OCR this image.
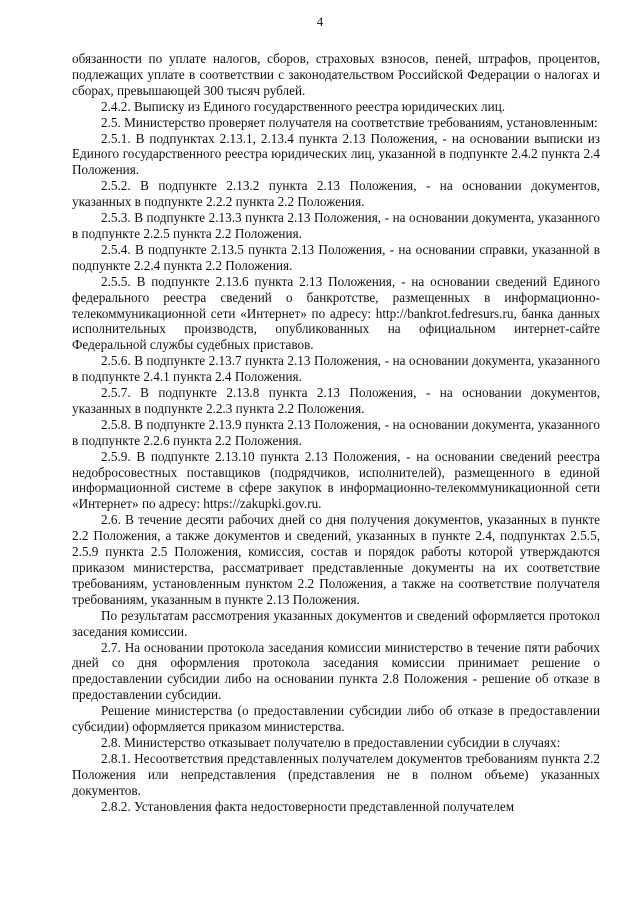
4

обязанности по уплате налогов, сборов, страховых взносов, пеней, штрафов, процентов, подлежащих уплате в соответствии с законодательством Российской Федерации о налогах и сборах, превышающей 300 тысяч рублей.

2.4.2. Выписку из Единого государственного реестра юридических лиц.

2.5. Министерство проверяет получателя на соответствие требованиям, установленным:

2.5.1. В подпунктах 2.13.1, 2.13.4 пункта 2.13 Положения, - на основании выписки из Единого государственного реестра юридических лиц, указанной в подпункте 2.4.2 пункта 2.4 Положения.

2.5.2. В подпункте 2.13.2 пункта 2.13 Положения, - на основании документов, указанных в подпункте 2.2.2 пункта 2.2 Положения.

2.5.3. В подпункте 2.13.3 пункта 2.13 Положения, - на основании документа, указанного в подпункте 2.2.5 пункта 2.2 Положения.

2.5.4. В подпункте 2.13.5 пункта 2.13 Положения, - на основании справки, указанной в подпункте 2.2.4 пункта 2.2 Положения.

2.5.5. В подпункте 2.13.6 пункта 2.13 Положения, - на основании сведений Единого федерального реестра сведений о банкротстве, размещенных в информационно-телекоммуникационной сети «Интернет» по адресу: http://bankrot.fedresurs.ru, банка данных исполнительных производств, опубликованных на официальном интернет-сайте Федеральной службы судебных приставов.

2.5.6. В подпункте 2.13.7 пункта 2.13 Положения, - на основании документа, указанного в подпункте 2.4.1 пункта 2.4 Положения.

2.5.7. В подпункте 2.13.8 пункта 2.13 Положения, - на основании документов, указанных в подпункте 2.2.3 пункта 2.2 Положения.

2.5.8. В подпункте 2.13.9 пункта 2.13 Положения, - на основании документа, указанного в подпункте 2.2.6 пункта 2.2 Положения.

2.5.9. В подпункте 2.13.10 пункта 2.13 Положения, - на основании сведений реестра недобросовестных поставщиков (подрядчиков, исполнителей), размещенного в единой информационной системе в сфере закупок в информационно-телекоммуникационной сети «Интернет» по адресу: https://zakupki.gov.ru.

2.6. В течение десяти рабочих дней со дня получения документов, указанных в пункте 2.2 Положения, а также документов и сведений, указанных в пункте 2.4, подпунктах 2.5.5, 2.5.9 пункта 2.5 Положения, комиссия, состав и порядок работы которой утверждаются приказом министерства, рассматривает представленные документы на их соответствие требованиям, установленным пунктом 2.2 Положения, а также на соответствие получателя требованиям, указанным в пункте 2.13 Положения.

По результатам рассмотрения указанных документов и сведений оформляется протокол заседания комиссии.

2.7. На основании протокола заседания комиссии министерство в течение пяти рабочих дней со дня оформления протокола заседания комиссии принимает решение о предоставлении субсидии либо на основании пункта 2.8 Положения - решение об отказе в предоставлении субсидии.

Решение министерства (о предоставлении субсидии либо об отказе в предоставлении субсидии) оформляется приказом министерства.

2.8. Министерство отказывает получателю в предоставлении субсидии в случаях:

2.8.1. Несоответствия представленных получателем документов требованиям пункта 2.2 Положения или непредставления (представления не в полном объеме) указанных документов.

2.8.2. Установления факта недостоверности представленной получателем
